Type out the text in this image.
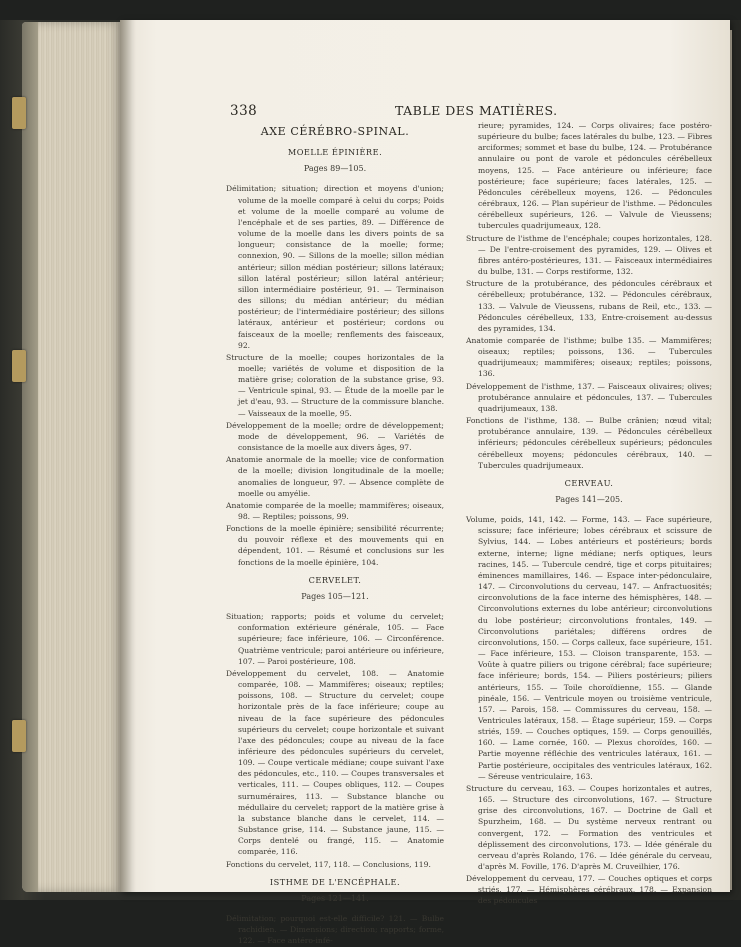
338	TABLE DES MATIÈRES.
AXE CÉRÉBRO-SPINAL.
MOELLE ÉPINIÈRE.
Pages 89—105.

Délimitation; situation; direction et moyens d'union; volume de la moelle comparé à celui du corps; Poids et volume de la moelle comparé au volume de l'encéphale et de ses parties, 89. — Différence de volume de la moelle dans les divers points de sa longueur; consistance de la moelle; forme; connexion, 90. — Sillons de la moelle; sillon médian antérieur; sillon médian postérieur; sillons latéraux; sillon latéral postérieur; sillon latéral antérieur; sillon intermédiaire postérieur, 91. — Terminaison des sillons; du médian antérieur; du médian postérieur; de l'intermédiaire postérieur; des sillons latéraux, antérieur et postérieur; cordons ou faisceaux de la moelle; renflements des faisceaux, 92.

Structure de la moelle; coupes horizontales de la moelle; variétés de volume et disposition de la matière grise; coloration de la substance grise, 93. — Ventricule spinal, 93. — Étude de la moelle par le jet d'eau, 93. — Structure de la commissure blanche. — Vaisseaux de la moelle, 95.

Développement de la moelle; ordre de développement; mode de développement, 96. — Variétés de consistance de la moelle aux divers âges, 97.

Anatomie anormale de la moelle; vice de conformation de la moelle; division longitudinale de la moelle; anomalies de longueur, 97. — Absence complète de moelle ou amyélie.

Anatomie comparée de la moelle; mammifères; oiseaux, 98. — Reptiles; poissons, 99.

Fonctions de la moelle épinière; sensibilité récurrente; du pouvoir réflexe et des mouvements qui en dépendent, 101. — Résumé et conclusions sur les fonctions de la moelle épinière, 104.

CERVELET.
Pages 105—121.

Situation; rapports; poids et volume du cervelet; conformation extérieure générale, 105. — Face supérieure; face inférieure, 106. — Circonférence. Quatrième ventricule; paroi antérieure ou inférieure, 107. — Paroi postérieure, 108.

Développement du cervelet, 108. — Anatomie comparée, 108. — Mammifères; oiseaux; reptiles; poissons, 108. — Structure du cervelet; coupe horizontale près de la face inférieure; coupe au niveau de la face supérieure des pédoncules supérieurs du cervelet; coupe horizontale et suivant l'axe des pédoncules; coupe au niveau de la face inférieure des pédoncules supérieurs du cervelet, 109. — Coupe verticale médiane; coupe suivant l'axe des pédoncules, etc., 110. — Coupes transversales et verticales, 111. — Coupes obliques, 112. — Coupes surnuméraires, 113. — Substance blanche ou médullaire du cervelet; rapport de la matière grise à la substance blanche dans le cervelet, 114. — Substance grise, 114. — Substance jaune, 115. — Corps dentelé ou frangé, 115. — Anatomie comparée, 116.

Fonctions du cervelet, 117, 118. — Conclusions, 119.

ISTHME DE L'ENCÉPHALE.
Pages 121—141.

Délimitation; pourquoi est-elle difficile? 121. — Bulbe rachidien. — Dimensions; direction; rapports; forme, 122. — Face antéro-infé-

rieure; pyramides, 124. — Corps olivaires; face postéro-supérieure du bulbe; faces latérales du bulbe, 123. — Fibres arciformes; sommet et base du bulbe, 124. — Protubérance annulaire ou pont de varole et pédoncules cérébelleux moyens, 125. — Face antérieure ou inférieure; face postérieure; face supérieure; faces latérales, 125. — Pédoncules cérébelleux moyens, 126. — Pédoncules cérébraux, 126. — Plan supérieur de l'isthme. — Pédoncules cérébelleux supérieurs, 126. — Valvule de Vieussens; tubercules quadrijumeaux, 128.

Structure de l'isthme de l'encéphale; coupes horizontales, 128. — De l'entre-croisement des pyramides, 129. — Olives et fibres antéro-postérieures, 131. — Faisceaux intermédiaires du bulbe, 131. — Corps restiforme, 132.

Structure de la protubérance, des pédoncules cérébraux et cérébelleux; protubérance, 132. — Pédoncules cérébraux, 133. — Valvule de Vieussens, rubans de Reil, etc., 133. — Pédoncules cérébelleux, 133, Entre-croisement au-dessus des pyramides, 134.

Anatomie comparée de l'isthme; bulbe 135. — Mammifères; oiseaux; reptiles; poissons, 136. — Tubercules quadrijumeaux; mammifères; oiseaux; reptiles; poissons, 136.

Développement de l'isthme, 137. — Faisceaux olivaires; olives; protubérance annulaire et pédoncules, 137. — Tubercules quadrijumeaux, 138.

Fonctions de l'isthme, 138. — Bulbe crânien; nœud vital; protubérance annulaire, 139. — Pédoncules cérébelleux inférieurs; pédoncules cérébelleux supérieurs; pédoncules cérébelleux moyens; pédoncules cérébraux, 140. — Tubercules quadrijumeaux.

CERVEAU.
Pages 141—205.

Volume, poids, 141, 142. — Forme, 143. — Face supérieure, scissure; face inférieure; lobes cérébraux et scissure de Sylvius, 144. — Lobes antérieurs et postérieurs; bords externe, interne; ligne médiane; nerfs optiques, leurs racines, 145. — Tubercule cendré, tige et corps pituitaires; éminences mamillaires, 146. — Espace inter-pédonculaire, 147. — Circonvolutions du cerveau, 147. — Anfractuosités; circonvolutions de la face interne des hémisphères, 148. — Circonvolutions externes du lobe antérieur; circonvolutions du lobe postérieur; circonvolutions frontales, 149. — Circonvolutions pariétales; différens ordres de circonvolutions, 150. — Corps calleux, face supérieure, 151. — Face inférieure, 153. — Cloison transparente, 153. — Voûte à quatre piliers ou trigone cérébral; face supérieure; face inférieure; bords, 154. — Piliers postérieurs; piliers antérieurs, 155. — Toile choroïdienne, 155. — Glande pinéale, 156. — Ventricule moyen ou troisième ventricule, 157. — Parois, 158. — Commissures du cerveau, 158. — Ventricules latéraux, 158. — Étage supérieur, 159. — Corps striés, 159. — Couches optiques, 159. — Corps genouillés, 160. — Lame cornée, 160. — Plexus choroïdes, 160. — Partie moyenne réfléchie des ventricules latéraux, 161. — Partie postérieure, occipitales des ventricules latéraux, 162. — Séreuse ventriculaire, 163.

Structure du cerveau, 163. — Coupes horizontales et autres, 165. — Structure des circonvolutions, 167. — Structure grise des circonvolutions, 167. — Doctrine de Gall et Spurzheim, 168. — Du système nerveux rentrant ou convergent, 172. — Formation des ventricules et déplissement des circonvolutions, 173. — Idée générale du cerveau d'après Rolando, 176. — Idée générale du cerveau, d'après M. Foville, 176. D'après M. Cruveilhier, 176.

Développement du cerveau, 177. — Couches optiques et corps striés, 177. — Hémisphères cérébraux, 178. — Expansion des pédoncules
